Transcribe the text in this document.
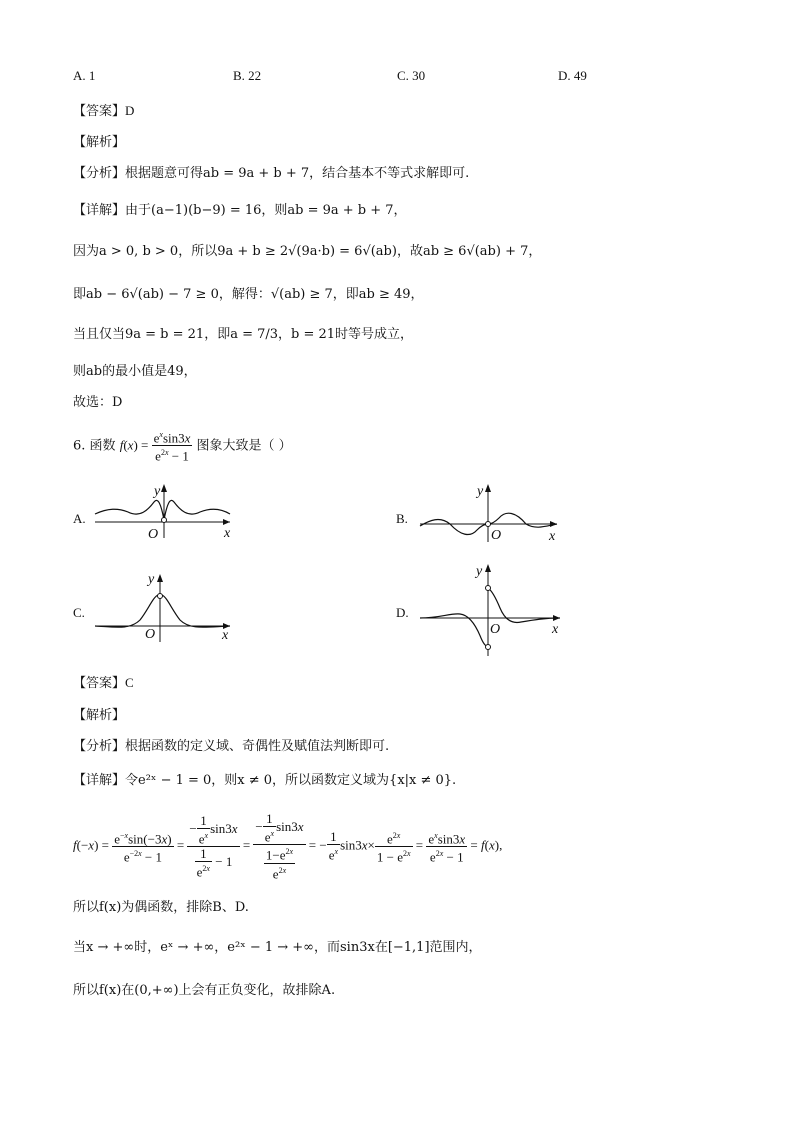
A. 1	B. 22	C. 30	D. 49
【答案】D
【解析】
【分析】根据题意可得ab = 9a + b + 7，结合基本不等式求解即可.
【详解】由于(a−1)(b−9) = 16，则ab = 9a + b + 7，
因为a > 0, b > 0，所以9a + b ≥ 2√(9a·b) = 6√(ab)，故ab ≥ 6√(ab) + 7，
即ab − 6√(ab) − 7 ≥ 0，解得：√(ab) ≥ 7，即ab ≥ 49，
当且仅当9a = b = 21，即a = 7/3，b = 21时等号成立，
则ab的最小值是49，
故选：D
6. 函数 $f(x) = \frac{e^x\sin 3x}{e^{2x} - 1}$ 图象大致是（ ）
A.	B.
C.	D.
y
x
O
y
x
O
y
x
O
y
x
O
【答案】C
【解析】
【分析】根据函数的定义域、奇偶性及赋值法判断即可.
【详解】令e²ˣ − 1 = 0，则x ≠ 0，所以函数定义域为{x|x ≠ 0}.
$f(-x) = \frac{e^{-x}\sin(-3x)}{e^{-2x} - 1} = \frac{- \frac{1}{e^x} \sin 3x}{\frac{1}{e^{2x}} - 1} = \frac{- \frac{1}{e^x} \sin 3x}{\frac{1-e^{2x}}{e^{2x}}}$ = − $\frac{1}{e^x} \sin 3x\times \frac{e^{2x}}{1 - e^{2x}} = \frac{e^x\sin 3x}{e^{2x} - 1} = f(x)$,
所以f(x)为偶函数，排除B、D.
当x → +∞时，eˣ → +∞，e²ˣ − 1 → +∞，而sin3x在[−1,1]范围内，
所以f(x)在(0,+∞)上会有正负变化，故排除A.
